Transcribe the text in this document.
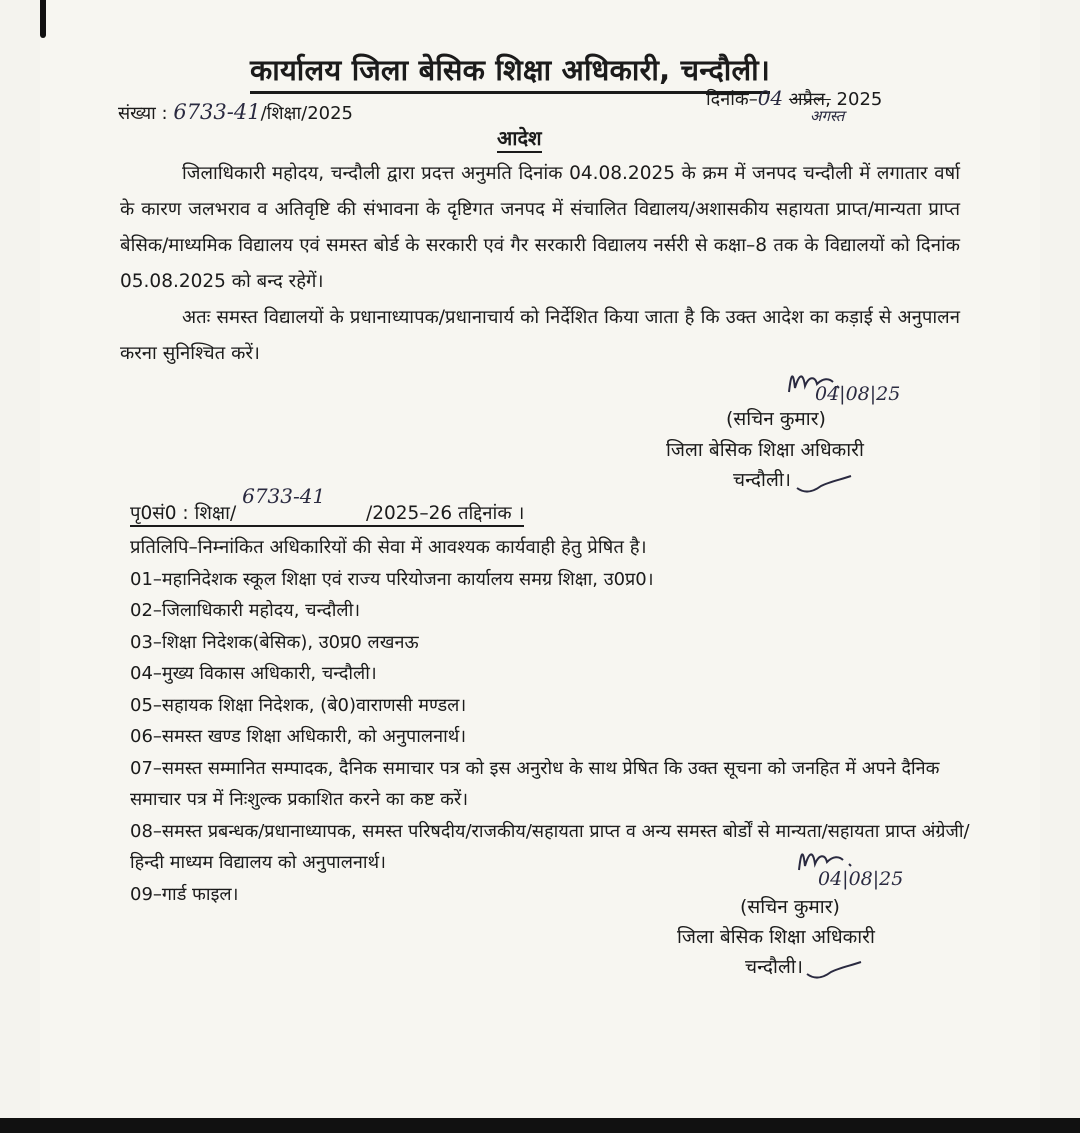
कार्यालय जिला बेसिक शिक्षा अधिकारी, चन्दौली।
संख्या : 6733-41/शिक्षा/2025
दिनांक–04 अप्रैल, 2025
अगस्त
आदेश
जिलाधिकारी महोदय, चन्दौली द्वारा प्रदत्त अनुमति दिनांक 04.08.2025 के क्रम में जनपद चन्दौली में लगातार वर्षा के कारण जलभराव व अतिवृष्टि की संभावना के दृष्टिगत जनपद में संचालित विद्यालय/अशासकीय सहायता प्राप्त/मान्यता प्राप्त बेसिक/माध्यमिक विद्यालय एवं समस्त बोर्ड के सरकारी एवं गैर सरकारी विद्यालय नर्सरी से कक्षा–8 तक के विद्यालयों को दिनांक 05.08.2025 को बन्द रहेगें।
अतः समस्त विद्यालयों के प्रधानाध्यापक/प्रधानाचार्य को निर्देशित किया जाता है कि उक्त आदेश का कड़ाई से अनुपालन करना सुनिश्चित करें।
04|08|25
(सचिन कुमार)
जिला बेसिक शिक्षा अधिकारी
चन्दौली।
पृ0सं0 : शिक्षा/ 6733-41 /2025–26 तद्दिनांक ।
प्रतिलिपि–निम्नांकित अधिकारियों की सेवा में आवश्यक कार्यवाही हेतु प्रेषित है।
01–महानिदेशक स्कूल शिक्षा एवं राज्य परियोजना कार्यालय समग्र शिक्षा, उ0प्र0।
02–जिलाधिकारी महोदय, चन्दौली।
03–शिक्षा निदेशक(बेसिक), उ0प्र0 लखनऊ
04–मुख्य विकास अधिकारी, चन्दौली।
05–सहायक शिक्षा निदेशक, (बे0)वाराणसी मण्डल।
06–समस्त खण्ड शिक्षा अधिकारी, को अनुपालनार्थ।
07–समस्त सम्मानित सम्पादक, दैनिक समाचार पत्र को इस अनुरोध के साथ प्रेषित कि उक्त सूचना को जनहित में अपने दैनिक समाचार पत्र में निःशुल्क प्रकाशित करने का कष्ट करें।
08–समस्त प्रबन्धक/प्रधानाध्यापक, समस्त परिषदीय/राजकीय/सहायता प्राप्त व अन्य समस्त बोर्डों से मान्यता/सहायता प्राप्त अंग्रेजी/हिन्दी माध्यम विद्यालय को अनुपालनार्थ।
09–गार्ड फाइल।
04|08|25
(सचिन कुमार)
जिला बेसिक शिक्षा अधिकारी
चन्दौली।
